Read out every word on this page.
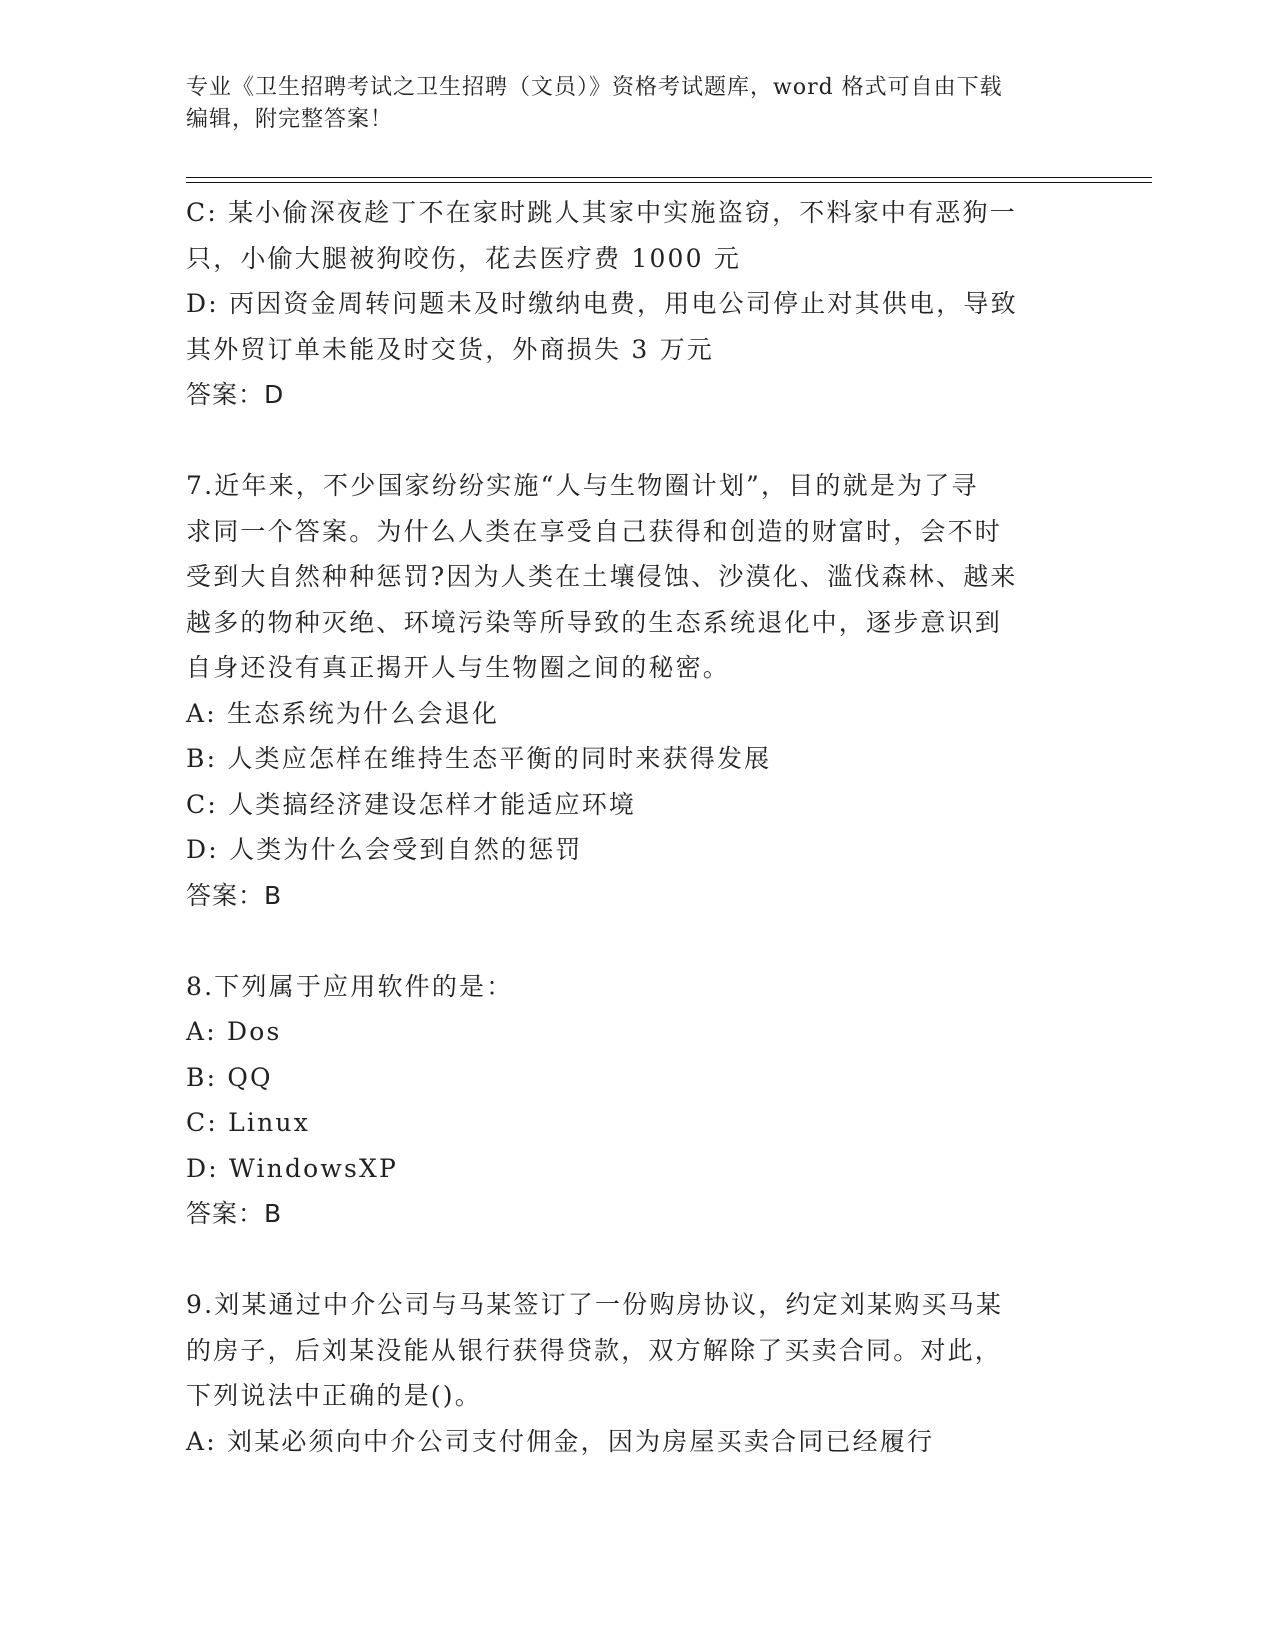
专业《卫生招聘考试之卫生招聘（文员）》资格考试题库，word 格式可自由下载
编辑，附完整答案！
C: 某小偷深夜趁丁不在家时跳人其家中实施盗窃，不料家中有恶狗一
只，小偷大腿被狗咬伤，花去医疗费 1000 元
D: 丙因资金周转问题未及时缴纳电费，用电公司停止对其供电，导致
其外贸订单未能及时交货，外商损失 3 万元
答案：D
7.近年来，不少国家纷纷实施“人与生物圈计划”，目的就是为了寻
求同一个答案。为什么人类在享受自己获得和创造的财富时，会不时
受到大自然种种惩罚?因为人类在土壤侵蚀、沙漠化、滥伐森林、越来
越多的物种灭绝、环境污染等所导致的生态系统退化中，逐步意识到
自身还没有真正揭开人与生物圈之间的秘密。
A: 生态系统为什么会退化
B: 人类应怎样在维持生态平衡的同时来获得发展
C: 人类搞经济建设怎样才能适应环境
D: 人类为什么会受到自然的惩罚
答案：B
8.下列属于应用软件的是：
A: Dos
B: QQ
C: Linux
D: WindowsXP
答案：B
9.刘某通过中介公司与马某签订了一份购房协议，约定刘某购买马某
的房子，后刘某没能从银行获得贷款，双方解除了买卖合同。对此，
下列说法中正确的是()。
A: 刘某必须向中介公司支付佣金，因为房屋买卖合同已经履行
